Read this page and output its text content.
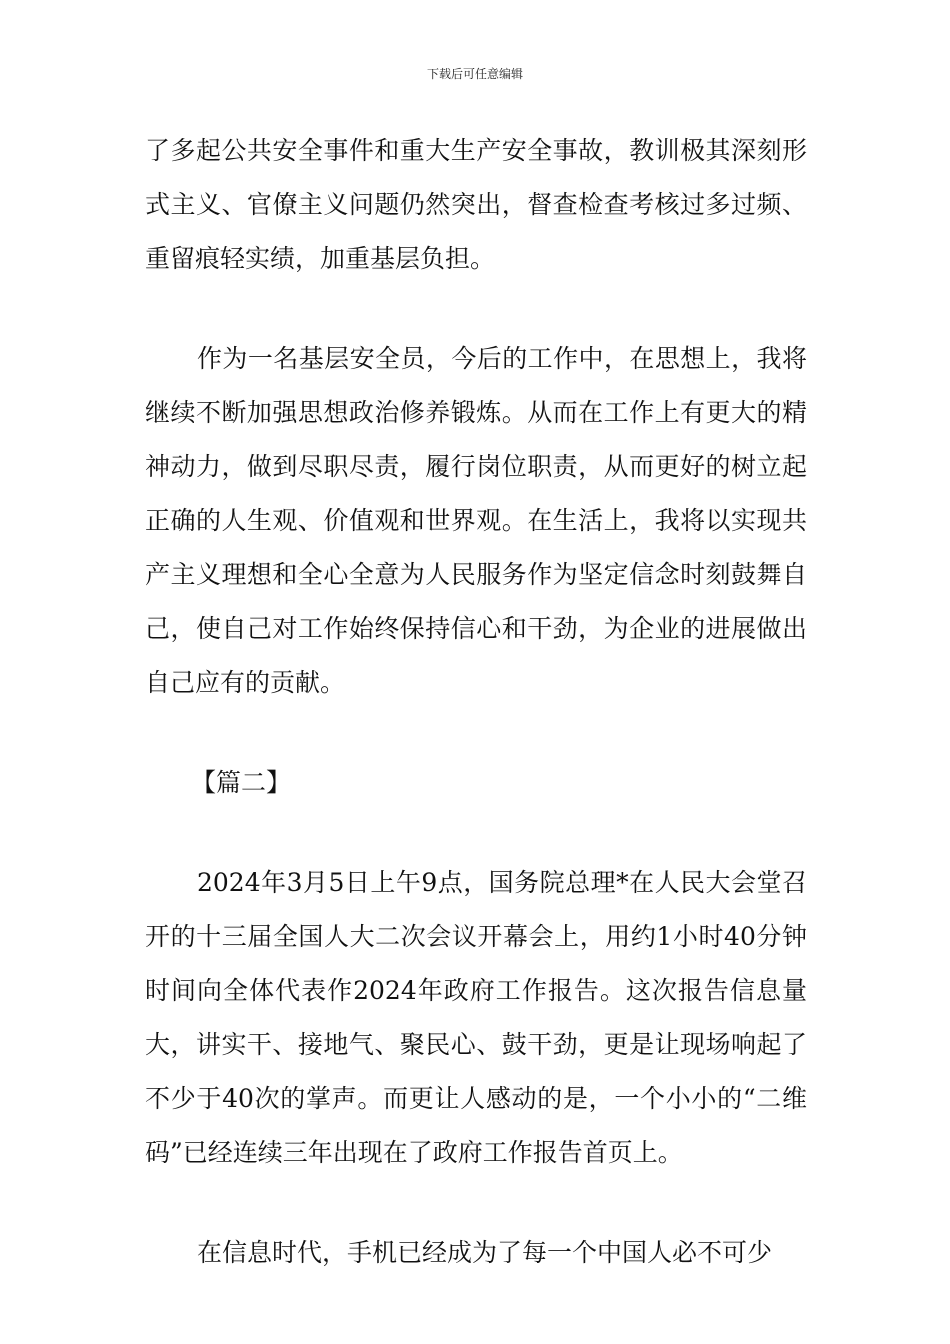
下载后可任意编辑

了多起公共安全事件和重大生产安全事故，教训极其深刻形式主义、官僚主义问题仍然突出，督查检查考核过多过频、重留痕轻实绩，加重基层负担。

作为一名基层安全员，今后的工作中，在思想上，我将继续不断加强思想政治修养锻炼。从而在工作上有更大的精神动力，做到尽职尽责，履行岗位职责，从而更好的树立起正确的人生观、价值观和世界观。在生活上，我将以实现共产主义理想和全心全意为人民服务作为坚定信念时刻鼓舞自己，使自己对工作始终保持信心和干劲，为企业的进展做出自己应有的贡献。

【篇二】

2024年3月5日上午9点，国务院总理*在人民大会堂召开的十三届全国人大二次会议开幕会上，用约1小时40分钟时间向全体代表作2024年政府工作报告。这次报告信息量大，讲实干、接地气、聚民心、鼓干劲，更是让现场响起了不少于40次的掌声。而更让人感动的是，一个小小的“二维码”已经连续三年出现在了政府工作报告首页上。

在信息时代，手机已经成为了每一个中国人必不可少
